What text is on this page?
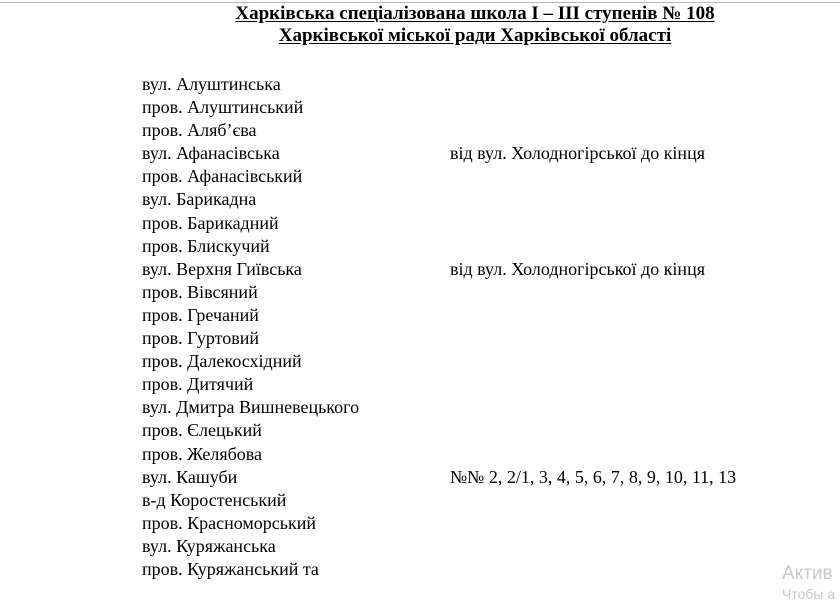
Харківська спеціалізована школа І – ІІІ ступенів № 108
Харківської міської ради Харківської області
вул. Алуштинська
пров. Алуштинський
пров. Аляб’єва
вул. Афанасівська	від вул. Холодногірської до кінця
пров. Афанасівський
вул. Барикадна
пров. Барикадний
пров. Блискучий
вул. Верхня Гиївська	від вул. Холодногірської до кінця
пров. Вівсяний
пров. Гречаний
пров. Гуртовий
пров. Далекосхідний
пров. Дитячий
вул. Дмитра Вишневецького
пров. Єлецький
пров. Желябова
вул. Кашуби	№№ 2, 2/1, 3, 4, 5, 6, 7, 8, 9, 10, 11, 13
в-д Коростенський
пров. Красноморський
вул. Куряжанська
пров. Куряжанський та	Актив
Чтобы а
